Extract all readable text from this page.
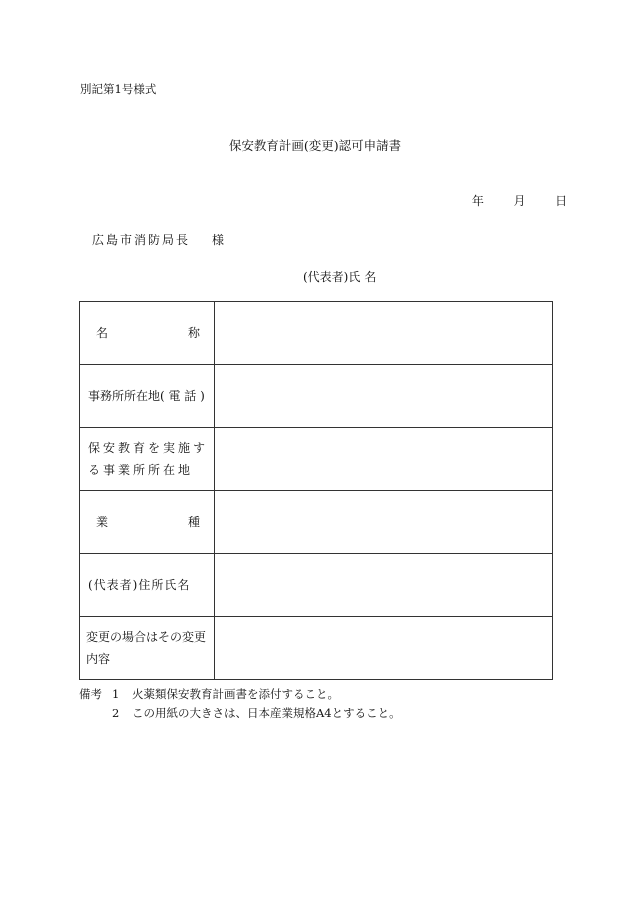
別記第1号様式
保安教育計画(変更)認可申請書
年 月 日
広島市消防局長 様
(代表者)氏 名
名 称	

事務所所在地( 電 話 )	

保安教育を実施す
る事業所所在地	

業 種	

(代表者)住所氏名	

変更の場合はその変更
内容	

備考 1	火薬類保安教育計画書を添付すること。
2	この用紙の大きさは、日本産業規格A4とすること。
